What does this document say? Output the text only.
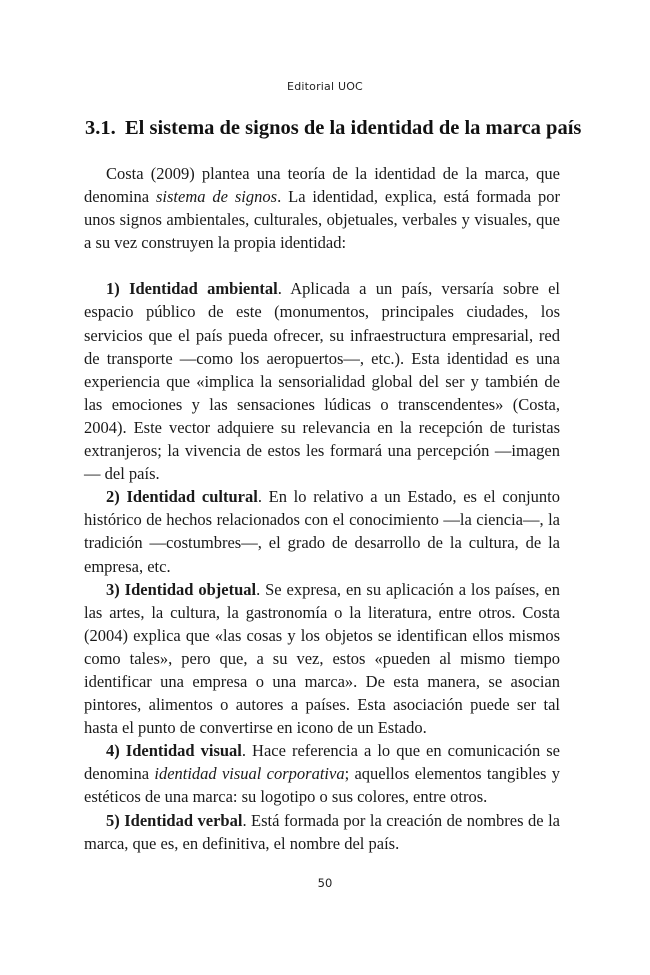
Editorial UOC
3.1. El sistema de signos de la identidad de la marca país

Costa (2009) plantea una teoría de la identidad de la marca, que denomina sistema de signos. La identidad, explica, está formada por unos signos ambientales, culturales, objetuales, verbales y visuales, que a su vez construyen la propia identidad:

1) Identidad ambiental. Aplicada a un país, versaría sobre el espacio público de este (monumentos, principales ciudades, los servicios que el país pueda ofrecer, su infraestructura empresarial, red de transporte —como los aeropuertos—, etc.). Esta identidad es una experiencia que «implica la sensorialidad global del ser y también de las emociones y las sensaciones lúdicas o transcendentes» (Costa, 2004). Este vector adquiere su relevancia en la recepción de turistas extranjeros; la vivencia de estos les formará una percepción —imagen— del país.

2) Identidad cultural. En lo relativo a un Estado, es el conjunto histórico de hechos relacionados con el conocimiento —la ciencia—, la tradición —costumbres—, el grado de desarrollo de la cultura, de la empresa, etc.

3) Identidad objetual. Se expresa, en su aplicación a los países, en las artes, la cultura, la gastronomía o la literatura, entre otros. Costa (2004) explica que «las cosas y los objetos se identifican ellos mismos como tales», pero que, a su vez, estos «pueden al mismo tiempo identificar una empresa o una marca». De esta manera, se asocian pintores, alimentos o autores a países. Esta asociación puede ser tal hasta el punto de convertirse en icono de un Estado.

4) Identidad visual. Hace referencia a lo que en comunicación se denomina identidad visual corporativa; aquellos elementos tangibles y estéticos de una marca: su logotipo o sus colores, entre otros.

5) Identidad verbal. Está formada por la creación de nombres de la marca, que es, en definitiva, el nombre del país.

50
